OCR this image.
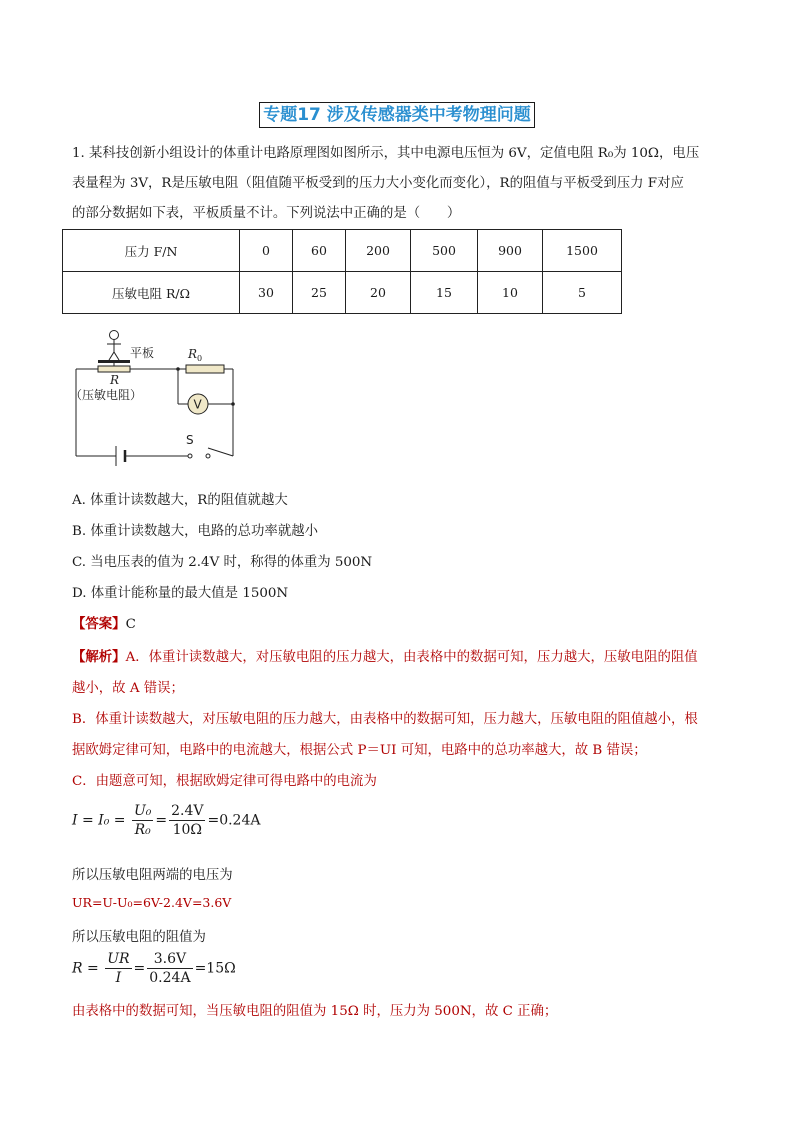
专题17 涉及传感器类中考物理问题
1. 某科技创新小组设计的体重计电路原理图如图所示，其中电源电压恒为 6V，定值电阻 R₀为 10Ω，电压
表量程为 3V，R是压敏电阻（阻值随平板受到的压力大小变化而变化），R的阻值与平板受到压力 F对应
的部分数据如下表，平板质量不计。下列说法中正确的是（　　）
压力 F/N	0	60	200	500	900	1500
压敏电阻 R/Ω	30	25	20	15	10	5
平板
R
（压敏电阻）
$R_0$
V
S
A. 体重计读数越大，R的阻值就越大
B. 体重计读数越大，电路的总功率就越小
C. 当电压表的值为 2.4V 时，称得的体重为 500N
D. 体重计能称量的最大值是 1500N
【答案】C
【解析】A．体重计读数越大，对压敏电阻的压力越大，由表格中的数据可知，压力越大，压敏电阻的阻值
越小，故 A 错误；
B．体重计读数越大，对压敏电阻的压力越大，由表格中的数据可知，压力越大，压敏电阻的阻值越小，根
据欧姆定律可知，电路中的电流越大，根据公式 P＝UI 可知，电路中的总功率越大，故 B 错误；
C．由题意可知，根据欧姆定律可得电路中的电流为
$I = I_0 = \frac{\text{U₀}}{\text{R₀}} = \frac{2.4V}{10\Omega} =0.24A$
所以压敏电阻两端的电压为
UR=U-U₀=6V-2.4V=3.6V
所以压敏电阻的阻值为
$R = \frac{UR}{I} = \frac{3.6V}{0.24A} =15\Omega$
由表格中的数据可知，当压敏电阻的阻值为 15Ω 时，压力为 500N，故 C 正确；
